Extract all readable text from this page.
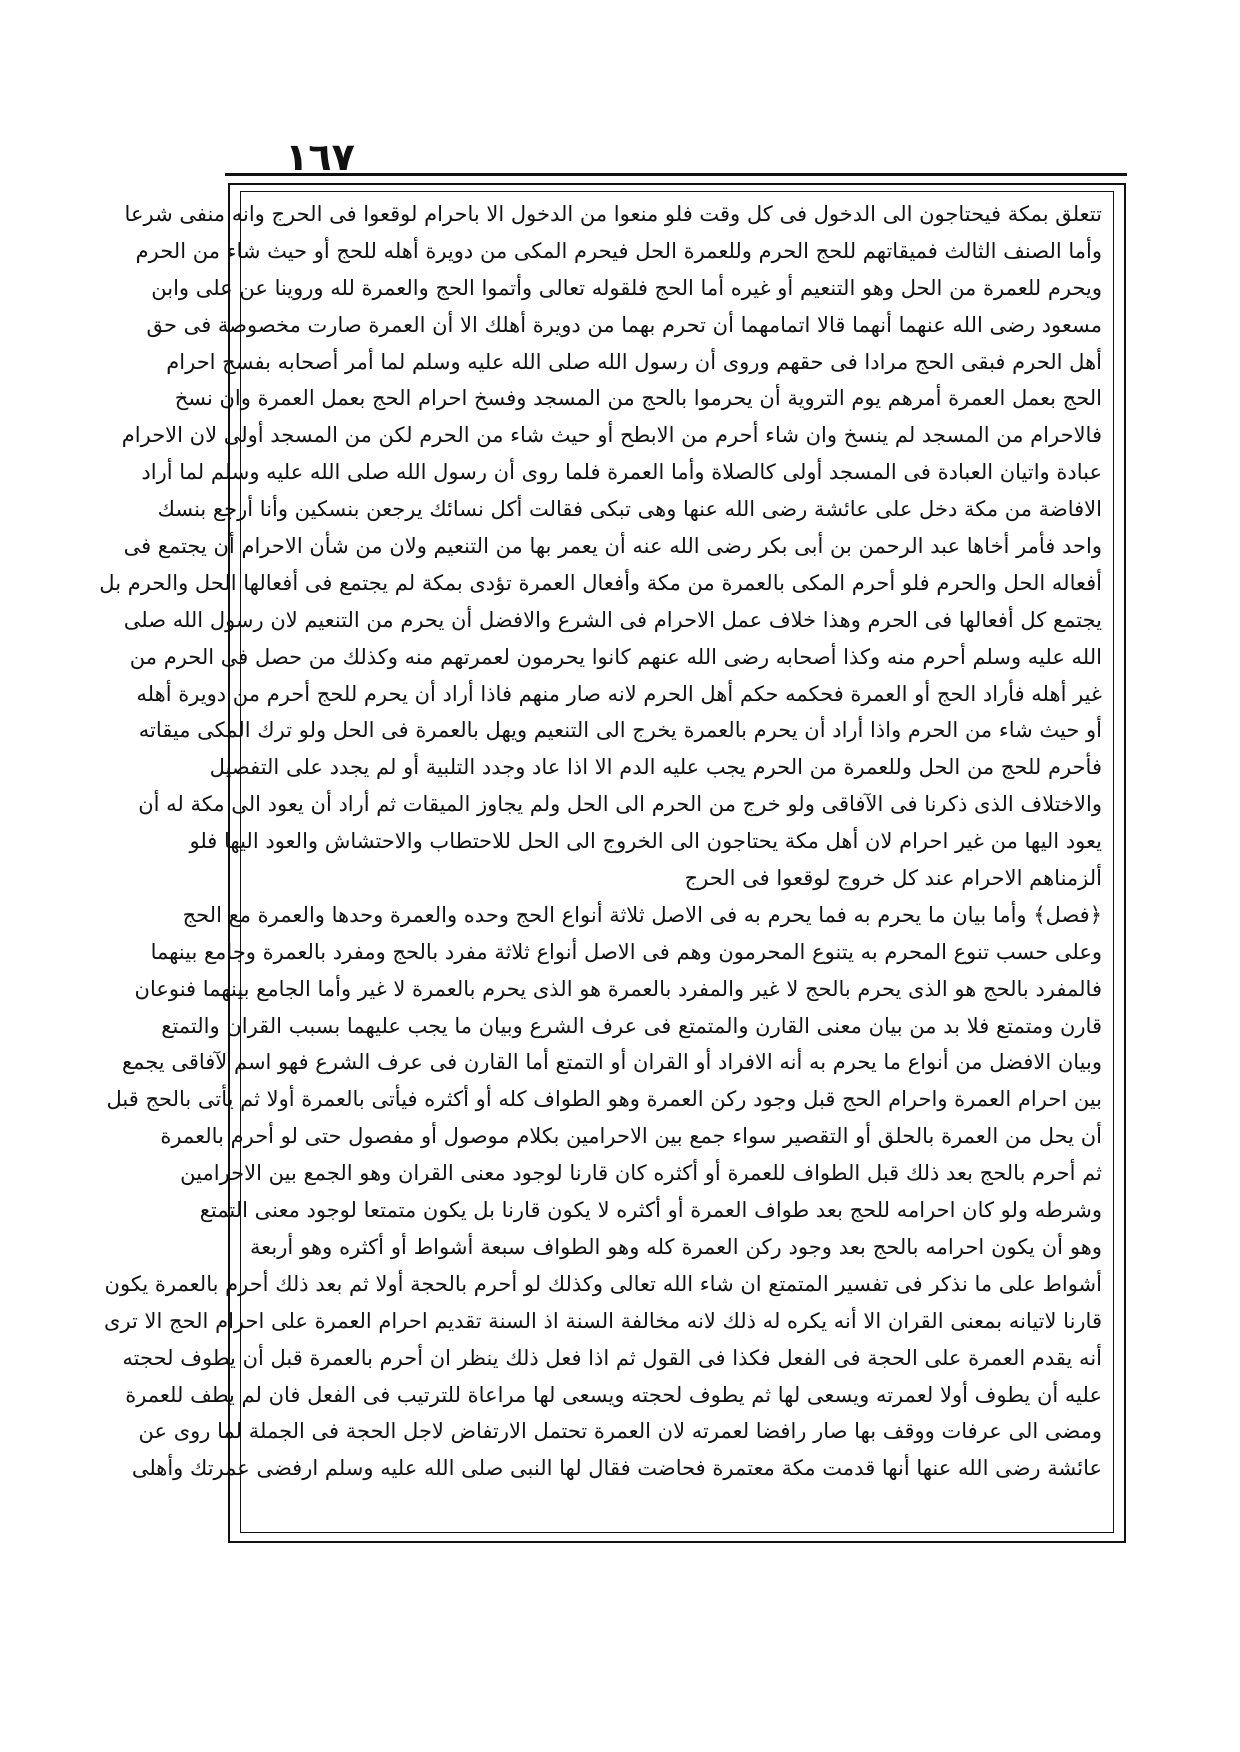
١٦٧
تتعلق بمكة فيحتاجون الى الدخول فى كل وقت فلو منعوا من الدخول الا باحرام لوقعوا فى الحرج وانه منفى شرعا
وأما الصنف الثالث فميقاتهم للحج الحرم وللعمرة الحل فيحرم المكى من دويرة أهله للحج أو حيث شاء من الحرم
ويحرم للعمرة من الحل وهو التنعيم أو غيره أما الحج فلقوله تعالى وأتموا الحج والعمرة لله وروينا عن على وابن
مسعود رضى الله عنهما أنهما قالا اتمامهما أن تحرم بهما من دويرة أهلك الا أن العمرة صارت مخصوصة فى حق
أهل الحرم فبقى الحج مرادا فى حقهم وروى أن رسول الله صلى الله عليه وسلم لما أمر أصحابه بفسخ احرام
الحج بعمل العمرة أمرهم يوم التروية أن يحرموا بالحج من المسجد وفسخ احرام الحج بعمل العمرة وان نسخ
فالاحرام من المسجد لم ينسخ وان شاء أحرم من الابطح أو حيث شاء من الحرم لكن من المسجد أولى لان الاحرام
عبادة واتيان العبادة فى المسجد أولى كالصلاة وأما العمرة فلما روى أن رسول الله صلى الله عليه وسلم لما أراد
الافاضة من مكة دخل على عائشة رضى الله عنها وهى تبكى فقالت أكل نسائك يرجعن بنسكين وأنا أرجع بنسك
واحد فأمر أخاها عبد الرحمن بن أبى بكر رضى الله عنه أن يعمر بها من التنعيم ولان من شأن الاحرام أن يجتمع فى
أفعاله الحل والحرم فلو أحرم المكى بالعمرة من مكة وأفعال العمرة تؤدى بمكة لم يجتمع فى أفعالها الحل والحرم بل
يجتمع كل أفعالها فى الحرم وهذا خلاف عمل الاحرام فى الشرع والافضل أن يحرم من التنعيم لان رسول الله صلى
الله عليه وسلم أحرم منه وكذا أصحابه رضى الله عنهم كانوا يحرمون لعمرتهم منه وكذلك من حصل فى الحرم من
غير أهله فأراد الحج أو العمرة فحكمه حكم أهل الحرم لانه صار منهم فاذا أراد أن يحرم للحج أحرم من دويرة أهله
أو حيث شاء من الحرم واذا أراد أن يحرم بالعمرة يخرج الى التنعيم ويهل بالعمرة فى الحل ولو ترك المكى ميقاته
فأحرم للحج من الحل وللعمرة من الحرم يجب عليه الدم الا اذا عاد وجدد التلبية أو لم يجدد على التفصيل
والاختلاف الذى ذكرنا فى الآفاقى ولو خرج من الحرم الى الحل ولم يجاوز الميقات ثم أراد أن يعود الى مكة له أن
يعود اليها من غير احرام لان أهل مكة يحتاجون الى الخروج الى الحل للاحتطاب والاحتشاش والعود اليها فلو
ألزمناهم الاحرام عند كل خروج لوقعوا فى الحرج
﴿فصل﴾ وأما بيان ما يحرم به فما يحرم به فى الاصل ثلاثة أنواع الحج وحده والعمرة وحدها والعمرة مع الحج
وعلى حسب تنوع المحرم به يتنوع المحرمون وهم فى الاصل أنواع ثلاثة مفرد بالحج ومفرد بالعمرة وجامع بينهما
فالمفرد بالحج هو الذى يحرم بالحج لا غير والمفرد بالعمرة هو الذى يحرم بالعمرة لا غير وأما الجامع بينهما فنوعان
قارن ومتمتع فلا بد من بيان معنى القارن والمتمتع فى عرف الشرع وبيان ما يجب عليهما بسبب القران والتمتع
وبيان الافضل من أنواع ما يحرم به أنه الافراد أو القران أو التمتع أما القارن فى عرف الشرع فهو اسم لآفاقى يجمع
بين احرام العمرة واحرام الحج قبل وجود ركن العمرة وهو الطواف كله أو أكثره فيأتى بالعمرة أولا ثم يأتى بالحج قبل
أن يحل من العمرة بالحلق أو التقصير سواء جمع بين الاحرامين بكلام موصول أو مفصول حتى لو أحرم بالعمرة
ثم أحرم بالحج بعد ذلك قبل الطواف للعمرة أو أكثره كان قارنا لوجود معنى القران وهو الجمع بين الاحرامين
وشرطه ولو كان احرامه للحج بعد طواف العمرة أو أكثره لا يكون قارنا بل يكون متمتعا لوجود معنى التمتع
وهو أن يكون احرامه بالحج بعد وجود ركن العمرة كله وهو الطواف سبعة أشواط أو أكثره وهو أربعة
أشواط على ما نذكر فى تفسير المتمتع ان شاء الله تعالى وكذلك لو أحرم بالحجة أولا ثم بعد ذلك أحرم بالعمرة يكون
قارنا لاتيانه بمعنى القران الا أنه يكره له ذلك لانه مخالفة السنة اذ السنة تقديم احرام العمرة على احرام الحج الا ترى
أنه يقدم العمرة على الحجة فى الفعل فكذا فى القول ثم اذا فعل ذلك ينظر ان أحرم بالعمرة قبل أن يطوف لحجته
عليه أن يطوف أولا لعمرته ويسعى لها ثم يطوف لحجته ويسعى لها مراعاة للترتيب فى الفعل فان لم يطف للعمرة
ومضى الى عرفات ووقف بها صار رافضا لعمرته لان العمرة تحتمل الارتفاض لاجل الحجة فى الجملة لما روى عن
عائشة رضى الله عنها أنها قدمت مكة معتمرة فحاضت فقال لها النبى صلى الله عليه وسلم ارفضى عمرتك وأهلى
